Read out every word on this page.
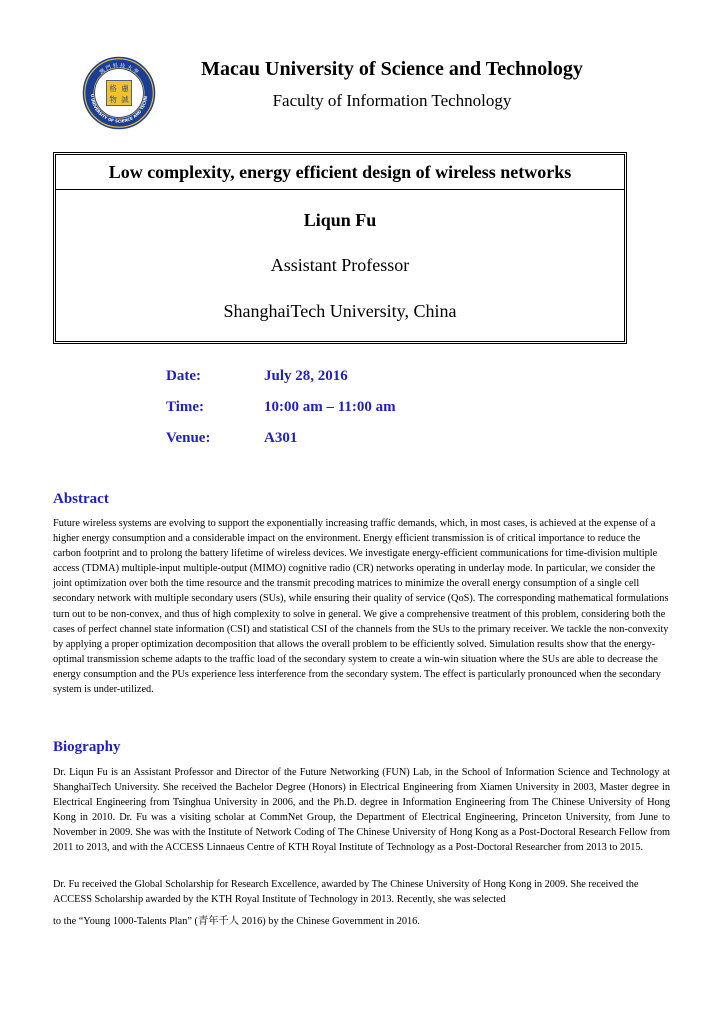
U UNIVERSITY OF SCIENCE AND TECHN
澳 門 科 技 大 學
格 慮
物 誠
Macau University of Science and Technology
Faculty of Information Technology
Low complexity, energy efficient design of wireless networks
Liqun Fu
Assistant Professor
ShanghaiTech University, China
Date:	July 28, 2016
Time:	10:00 am – 11:00 am
Venue:	A301
Abstract

Future wireless systems are evolving to support the exponentially increasing traffic demands, which, in most cases, is achieved at the expense of a higher energy consumption and a considerable impact on the environment. Energy efficient transmission is of critical importance to reduce the carbon footprint and to prolong the battery lifetime of wireless devices. We investigate energy-efficient communications for time-division multiple access (TDMA) multiple-input multiple-output (MIMO) cognitive radio (CR) networks operating in underlay mode. In particular, we consider the joint optimization over both the time resource and the transmit precoding matrices to minimize the overall energy consumption of a single cell secondary network with multiple secondary users (SUs), while ensuring their quality of service (QoS). The corresponding mathematical formulations turn out to be non-convex, and thus of high complexity to solve in general. We give a comprehensive treatment of this problem, considering both the cases of perfect channel state information (CSI) and statistical CSI of the channels from the SUs to the primary receiver. We tackle the non-convexity by applying a proper optimization decomposition that allows the overall problem to be efficiently solved. Simulation results show that the energy-optimal transmission scheme adapts to the traffic load of the secondary system to create a win-win situation where the SUs are able to decrease the energy consumption and the PUs experience less interference from the secondary system. The effect is particularly pronounced when the secondary system is under-utilized.

Biography

Dr. Liqun Fu is an Assistant Professor and Director of the Future Networking (FUN) Lab, in the School of Information Science and Technology at ShanghaiTech University. She received the Bachelor Degree (Honors) in Electrical Engineering from Xiamen University in 2003, Master degree in Electrical Engineering from Tsinghua University in 2006, and the Ph.D. degree in Information Engineering from The Chinese University of Hong Kong in 2010. Dr. Fu was a visiting scholar at CommNet Group, the Department of Electrical Engineering, Princeton University, from June to November in 2009. She was with the Institute of Network Coding of The Chinese University of Hong Kong as a Post-Doctoral Research Fellow from 2011 to 2013, and with the ACCESS Linnaeus Centre of KTH Royal Institute of Technology as a Post-Doctoral Researcher from 2013 to 2015.

Dr. Fu received the Global Scholarship for Research Excellence, awarded by The Chinese University of Hong Kong in 2009. She received the ACCESS Scholarship awarded by the KTH Royal Institute of Technology in 2013. Recently, she was selected

to the “Young 1000-Talents Plan” (青年千人 2016) by the Chinese Government in 2016.
